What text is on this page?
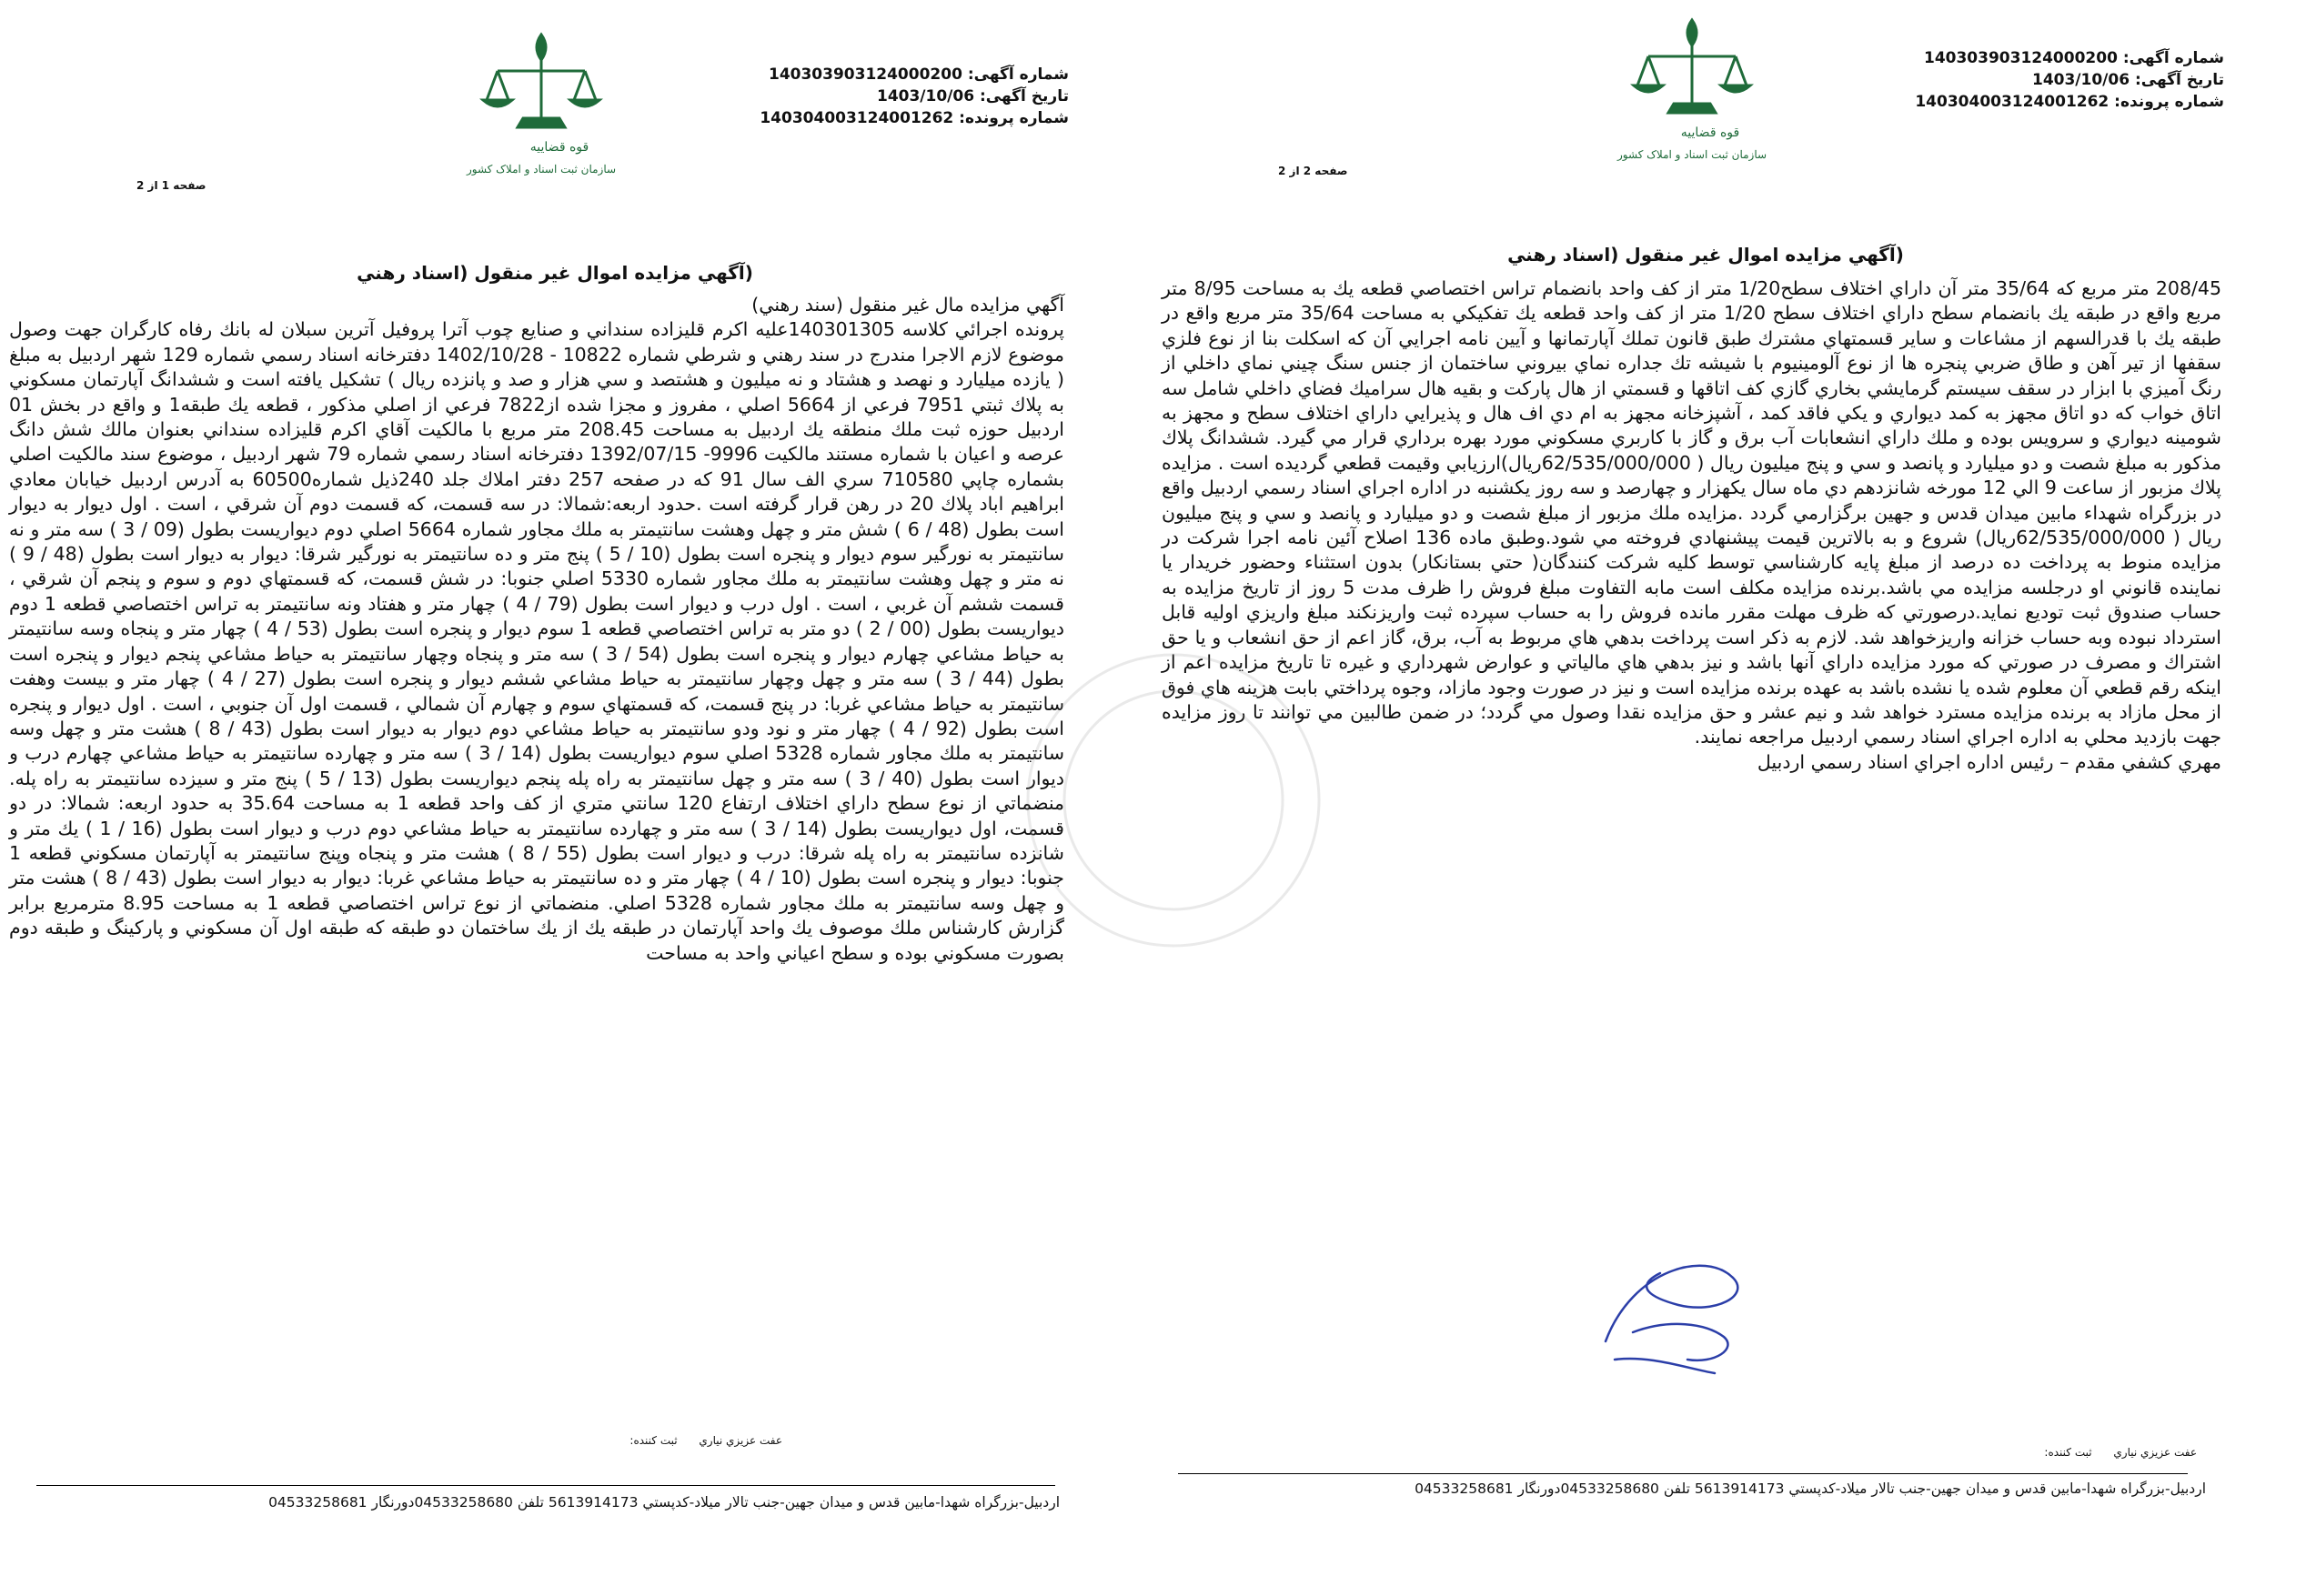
قوه قضاییه
سازمان ثبت اسناد و املاک کشور
شماره آگهی: 140303903124000200
تاریخ آگهی: 1403/10/06
شماره پرونده: 140304003124001262
صفحه 1 از 2
(آگهي مزايده اموال غير منقول (اسناد رهني

آگهي مزايده مال غير منقول (سند رهني)

پرونده اجرائي كلاسه 140301305عليه اكرم قليزاده سنداني و صنايع چوب آترا پروفيل آترين سبلان له بانك رفاه كارگران جهت وصول موضوع لازم الاجرا مندرج در سند رهني و شرطي شماره 10822 - 1402/10/28 دفترخانه اسناد رسمي شماره 129 شهر اردبيل به مبلغ ( يازده ميليارد و نهصد و هشتاد و نه ميليون و هشتصد و سي هزار و صد و پانزده ريال ) تشكيل يافته است و ششدانگ آپارتمان مسكوني به پلاك ثبتي 7951 فرعي از 5664 اصلي ، مفروز و مجزا شده از7822 فرعي از اصلي مذكور ، قطعه يك طبقه1 و واقع در بخش 01 اردبيل حوزه ثبت ملك منطقه يك اردبيل به مساحت 208.45 متر مربع با مالكيت آقاي اكرم قليزاده سنداني بعنوان مالك شش دانگ عرصه و اعيان با شماره مستند مالكيت 9996- 1392/07/15 دفترخانه اسناد رسمي شماره 79 شهر اردبيل ، موضوع سند مالكيت اصلي بشماره چاپي 710580 سري الف سال 91 كه در صفحه 257 دفتر املاك جلد 240ذيل شماره60500 به آدرس اردبيل خيابان معادي ابراهيم اباد پلاك 20 در رهن قرار گرفته است .حدود اربعه:شمالا: در سه قسمت، كه قسمت دوم آن شرقي ، است . اول ديوار به ديوار است بطول (48 / 6 ) شش متر و چهل وهشت سانتيمتر به ملك مجاور شماره 5664 اصلي دوم ديواريست بطول (09 / 3 ) سه متر و نه سانتيمتر به نورگير سوم ديوار و پنجره است بطول (10 / 5 ) پنج متر و ده سانتيمتر به نورگير شرقا: ديوار به ديوار است بطول (48 / 9 ) نه متر و چهل وهشت سانتيمتر به ملك مجاور شماره 5330 اصلي جنوبا: در شش قسمت، كه قسمتهاي دوم و سوم و پنجم آن شرقي ، قسمت ششم آن غربي ، است . اول درب و ديوار است بطول (79 / 4 ) چهار متر و هفتاد ونه سانتيمتر به تراس اختصاصي قطعه 1 دوم ديواريست بطول (00 / 2 ) دو متر به تراس اختصاصي قطعه 1 سوم ديوار و پنجره است بطول (53 / 4 ) چهار متر و پنجاه وسه سانتيمتر به حياط مشاعي چهارم ديوار و پنجره است بطول (54 / 3 ) سه متر و پنجاه وچهار سانتيمتر به حياط مشاعي پنجم ديوار و پنجره است بطول (44 / 3 ) سه متر و چهل وچهار سانتيمتر به حياط مشاعي ششم ديوار و پنجره است بطول (27 / 4 ) چهار متر و بيست وهفت سانتيمتر به حياط مشاعي غربا: در پنج قسمت، كه قسمتهاي سوم و چهارم آن شمالي ، قسمت اول آن جنوبي ، است . اول ديوار و پنجره است بطول (92 / 4 ) چهار متر و نود ودو سانتيمتر به حياط مشاعي دوم ديوار به ديوار است بطول (43 / 8 ) هشت متر و چهل وسه سانتيمتر به ملك مجاور شماره 5328 اصلي سوم ديواريست بطول (14 / 3 ) سه متر و چهارده سانتيمتر به حياط مشاعي چهارم درب و ديوار است بطول (40 / 3 ) سه متر و چهل سانتيمتر به راه پله پنجم ديواريست بطول (13 / 5 ) پنج متر و سيزده سانتيمتر به راه پله. منضماتي از نوع سطح داراي اختلاف ارتفاع 120 سانتي متري از كف واحد قطعه 1 به مساحت 35.64 به حدود اربعه: شمالا: در دو قسمت، اول ديواريست بطول (14 / 3 ) سه متر و چهارده سانتيمتر به حياط مشاعي دوم درب و ديوار است بطول (16 / 1 ) يك متر و شانزده سانتيمتر به راه پله شرقا: درب و ديوار است بطول (55 / 8 ) هشت متر و پنجاه وپنج سانتيمتر به آپارتمان مسكوني قطعه 1 جنوبا: ديوار و پنجره است بطول (10 / 4 ) چهار متر و ده سانتيمتر به حياط مشاعي غربا: ديوار به ديوار است بطول (43 / 8 ) هشت متر و چهل وسه سانتيمتر به ملك مجاور شماره 5328 اصلي. منضماتي از نوع تراس اختصاصي قطعه 1 به مساحت 8.95 مترمربع برابر گزارش كارشناس ملك موصوف يك واحد آپارتمان در طبقه يك از يك ساختمان دو طبقه كه طبقه اول آن مسكوني و پاركينگ و طبقه دوم بصورت مسكوني بوده و سطح اعياني واحد به مساحت

عفت عزيزي نياري ثبت كننده:
اردبيل-بزرگراه شهدا-مابين قدس و ميدان جهين-جنب تالار ميلاد-كدپستي 5613914173 تلفن 04533258680دورنگار 04533258681
قوه قضاییه
سازمان ثبت اسناد و املاک کشور
شماره آگهی: 140303903124000200
تاریخ آگهی: 1403/10/06
شماره پرونده: 140304003124001262
صفحه 2 از 2
(آگهي مزايده اموال غير منقول (اسناد رهني

208/45 متر مربع كه 35/64 متر آن داراي اختلاف سطح1/20 متر از كف واحد بانضمام تراس اختصاصي قطعه يك به مساحت 8/95 متر مربع واقع در طبقه يك بانضمام سطح داراي اختلاف سطح 1/20 متر از كف واحد قطعه يك تفكيكي به مساحت 35/64 متر مربع واقع در طبقه يك با قدرالسهم از مشاعات و ساير قسمتهاي مشترك طبق قانون تملك آپارتمانها و آيين نامه اجرايي آن كه اسكلت بنا از نوع فلزي سقفها از تير آهن و طاق ضربي پنجره ها از نوع آلومينيوم با شيشه تك جداره نماي بيروني ساختمان از جنس سنگ چيني نماي داخلي از رنگ آميزي با ابزار در سقف سيستم گرمايشي بخاري گازي كف اتاقها و قسمتي از هال پاركت و بقيه هال سراميك فضاي داخلي شامل سه اتاق خواب كه دو اتاق مجهز به كمد ديواري و يكي فاقد كمد ، آشپزخانه مجهز به ام دي اف هال و پذيرايي داراي اختلاف سطح و مجهز به شومينه ديواري و سرويس بوده و ملك داراي انشعابات آب برق و گاز با كاربري مسكوني مورد بهره برداري قرار مي گيرد. ششدانگ پلاك مذكور به مبلغ شصت و دو ميليارد و پانصد و سي و پنج ميليون ريال ( 62/535/000/000ريال)ارزيابي وقيمت قطعي گرديده است . مزايده پلاك مزبور از ساعت 9 الي 12 مورخه شانزدهم دي ماه سال يكهزار و چهارصد و سه روز يكشنبه در اداره اجراي اسناد رسمي اردبيل واقع در بزرگراه شهداء مابين ميدان قدس و جهين برگزارمي گردد .مزايده ملك مزبور از مبلغ شصت و دو ميليارد و پانصد و سي و پنج ميليون ريال ( 62/535/000/000ريال) شروع و به بالاترين قيمت پيشنهادي فروخته مي شود.وطبق ماده 136 اصلاح آئين نامه اجرا شركت در مزايده منوط به پرداخت ده درصد از مبلغ پايه كارشناسي توسط كليه شركت كنندگان( حتي بستانكار) بدون استثناء وحضور خريدار يا نماينده قانوني او درجلسه مزايده مي باشد.برنده مزايده مكلف است مابه التفاوت مبلغ فروش را ظرف مدت 5 روز از تاريخ مزايده به حساب صندوق ثبت توديع نمايد.درصورتي كه ظرف مهلت مقرر مانده فروش را به حساب سپرده ثبت واريزنكند مبلغ واريزي اوليه قابل استرداد نبوده وبه حساب خزانه واريزخواهد شد. لازم به ذكر است پرداخت بدهي هاي مربوط به آب، برق، گاز اعم از حق انشعاب و يا حق اشتراك و مصرف در صورتي كه مورد مزايده داراي آنها باشد و نيز بدهي هاي مالياتي و عوارض شهرداري و غيره تا تاريخ مزايده اعم از اينكه رقم قطعي آن معلوم شده يا نشده باشد به عهده برنده مزايده است و نيز در صورت وجود مازاد، وجوه پرداختي بابت هزينه هاي فوق از محل مازاد به برنده مزايده مسترد خواهد شد و نيم عشر و حق مزايده نقدا وصول مي گردد؛ در ضمن طالبين مي توانند تا روز مزايده جهت بازديد محلي به اداره اجراي اسناد رسمي اردبيل مراجعه نمايند.

مهري كشفي مقدم – رئيس اداره اجراي اسناد رسمي اردبيل

عفت عزيزي نياري ثبت كننده:
اردبيل-بزرگراه شهدا-مابين قدس و ميدان جهين-جنب تالار ميلاد-كدپستي 5613914173 تلفن 04533258680دورنگار 04533258681
